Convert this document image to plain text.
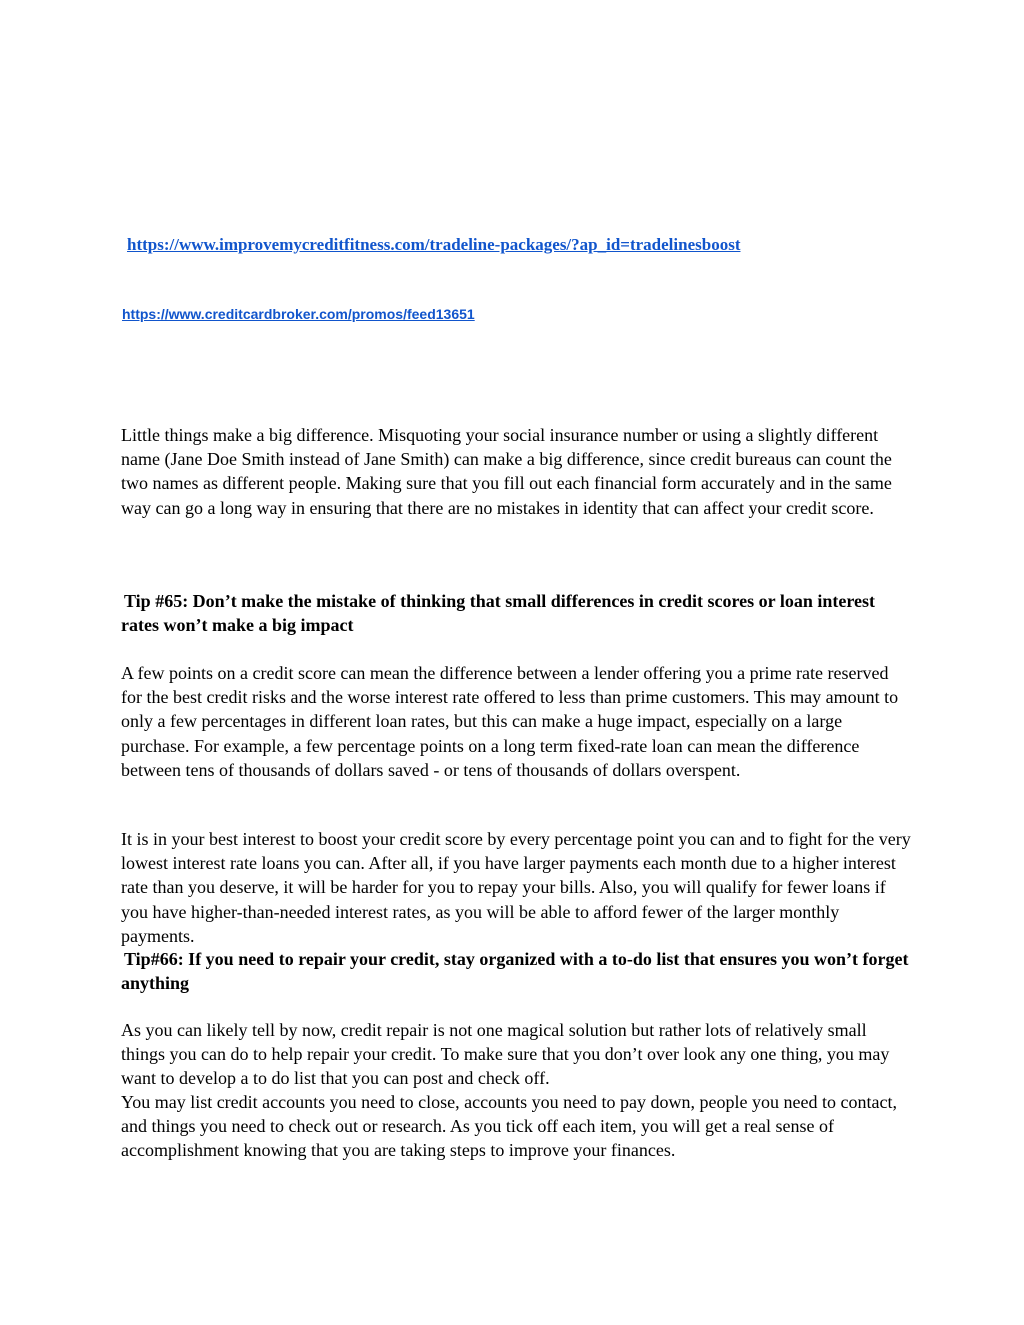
https://www.improvemycreditfitness.com/tradeline-packages/?ap_id=tradelinesboost
https://www.creditcardbroker.com/promos/feed13651

Little things make a big difference. Misquoting your social insurance number or using a slightly different name (Jane Doe Smith instead of Jane Smith) can make a big difference, since credit bureaus can count the two names as different people. Making sure that you fill out each financial form accurately and in the same way can go a long way in ensuring that there are no mistakes in identity that can affect your credit score.

Tip #65: Don’t make the mistake of thinking that small differences in credit scores or loan interest rates won’t make a big impact

A few points on a credit score can mean the difference between a lender offering you a prime rate reserved for the best credit risks and the worse interest rate offered to less than prime customers. This may amount to only a few percentages in different loan rates, but this can make a huge impact, especially on a large purchase. For example, a few percentage points on a long term fixed-rate loan can mean the difference between tens of thousands of dollars saved - or tens of thousands of dollars overspent.

It is in your best interest to boost your credit score by every percentage point you can and to fight for the very lowest interest rate loans you can. After all, if you have larger payments each month due to a higher interest rate than you deserve, it will be harder for you to repay your bills. Also, you will qualify for fewer loans if you have higher-than-needed interest rates, as you will be able to afford fewer of the larger monthly payments.

Tip#66: If you need to repair your credit, stay organized with a to-do list that ensures you won’t forget anything

As you can likely tell by now, credit repair is not one magical solution but rather lots of relatively small things you can do to help repair your credit. To make sure that you don’t over look any one thing, you may want to develop a to do list that you can post and check off.

You may list credit accounts you need to close, accounts you need to pay down, people you need to contact, and things you need to check out or research. As you tick off each item, you will get a real sense of accomplishment knowing that you are taking steps to improve your finances.
